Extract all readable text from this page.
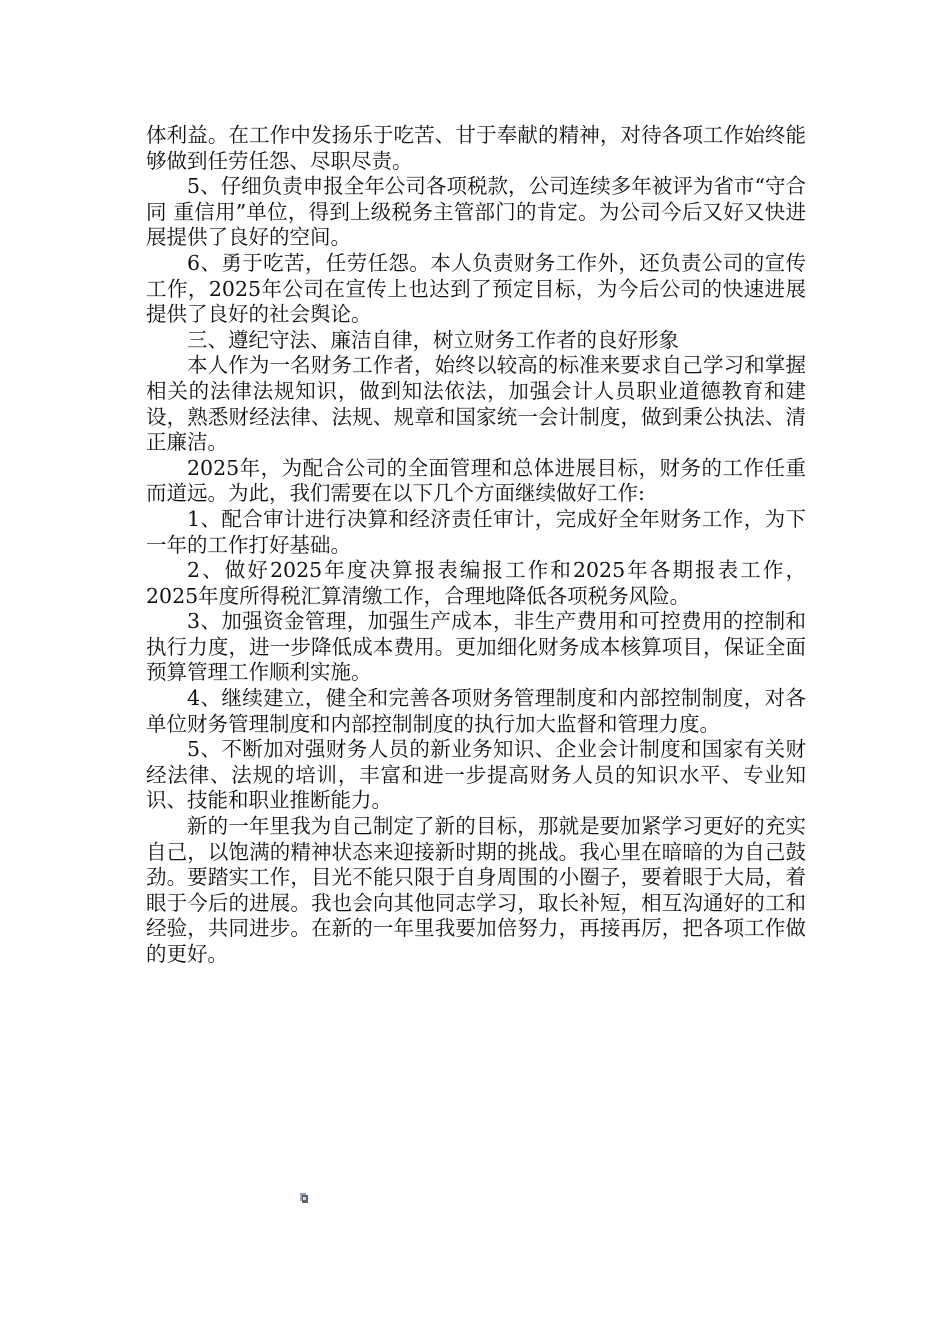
体利益。在工作中发扬乐于吃苦、甘于奉献的精神，对待各项工作始终能够做到任劳任怨、尽职尽责。

5、仔细负责申报全年公司各项税款，公司连续多年被评为省市“守合同 重信用”单位，得到上级税务主管部门的肯定。为公司今后又好又快进展提供了良好的空间。

6、勇于吃苦，任劳任怨。本人负责财务工作外，还负责公司的宣传工作，2025年公司在宣传上也达到了预定目标，为今后公司的快速进展提供了良好的社会舆论。

三、遵纪守法、廉洁自律，树立财务工作者的良好形象

本人作为一名财务工作者，始终以较高的标准来要求自己学习和掌握相关的法律法规知识，做到知法依法，加强会计人员职业道德教育和建设，熟悉财经法律、法规、规章和国家统一会计制度，做到秉公执法、清正廉洁。

2025年，为配合公司的全面管理和总体进展目标，财务的工作任重而道远。为此，我们需要在以下几个方面继续做好工作:

1、配合审计进行决算和经济责任审计，完成好全年财务工作，为下一年的工作打好基础。

2、做好2025年度决算报表编报工作和2025年各期报表工作，2025年度所得税汇算清缴工作，合理地降低各项税务风险。

3、加强资金管理，加强生产成本，非生产费用和可控费用的控制和执行力度，进一步降低成本费用。更加细化财务成本核算项目，保证全面预算管理工作顺利实施。

4、继续建立，健全和完善各项财务管理制度和内部控制制度，对各单位财务管理制度和内部控制制度的执行加大监督和管理力度。

5、不断加对强财务人员的新业务知识、企业会计制度和国家有关财经法律、法规的培训，丰富和进一步提高财务人员的知识水平、专业知识、技能和职业推断能力。

新的一年里我为自己制定了新的目标，那就是要加紧学习更好的充实自己，以饱满的精神状态来迎接新时期的挑战。我心里在暗暗的为自己鼓劲。要踏实工作，目光不能只限于自身周围的小圈子，要着眼于大局，着眼于今后的进展。我也会向其他同志学习，取长补短，相互沟通好的工和经验，共同进步。在新的一年里我要加倍努力，再接再厉，把各项工作做的更好。
